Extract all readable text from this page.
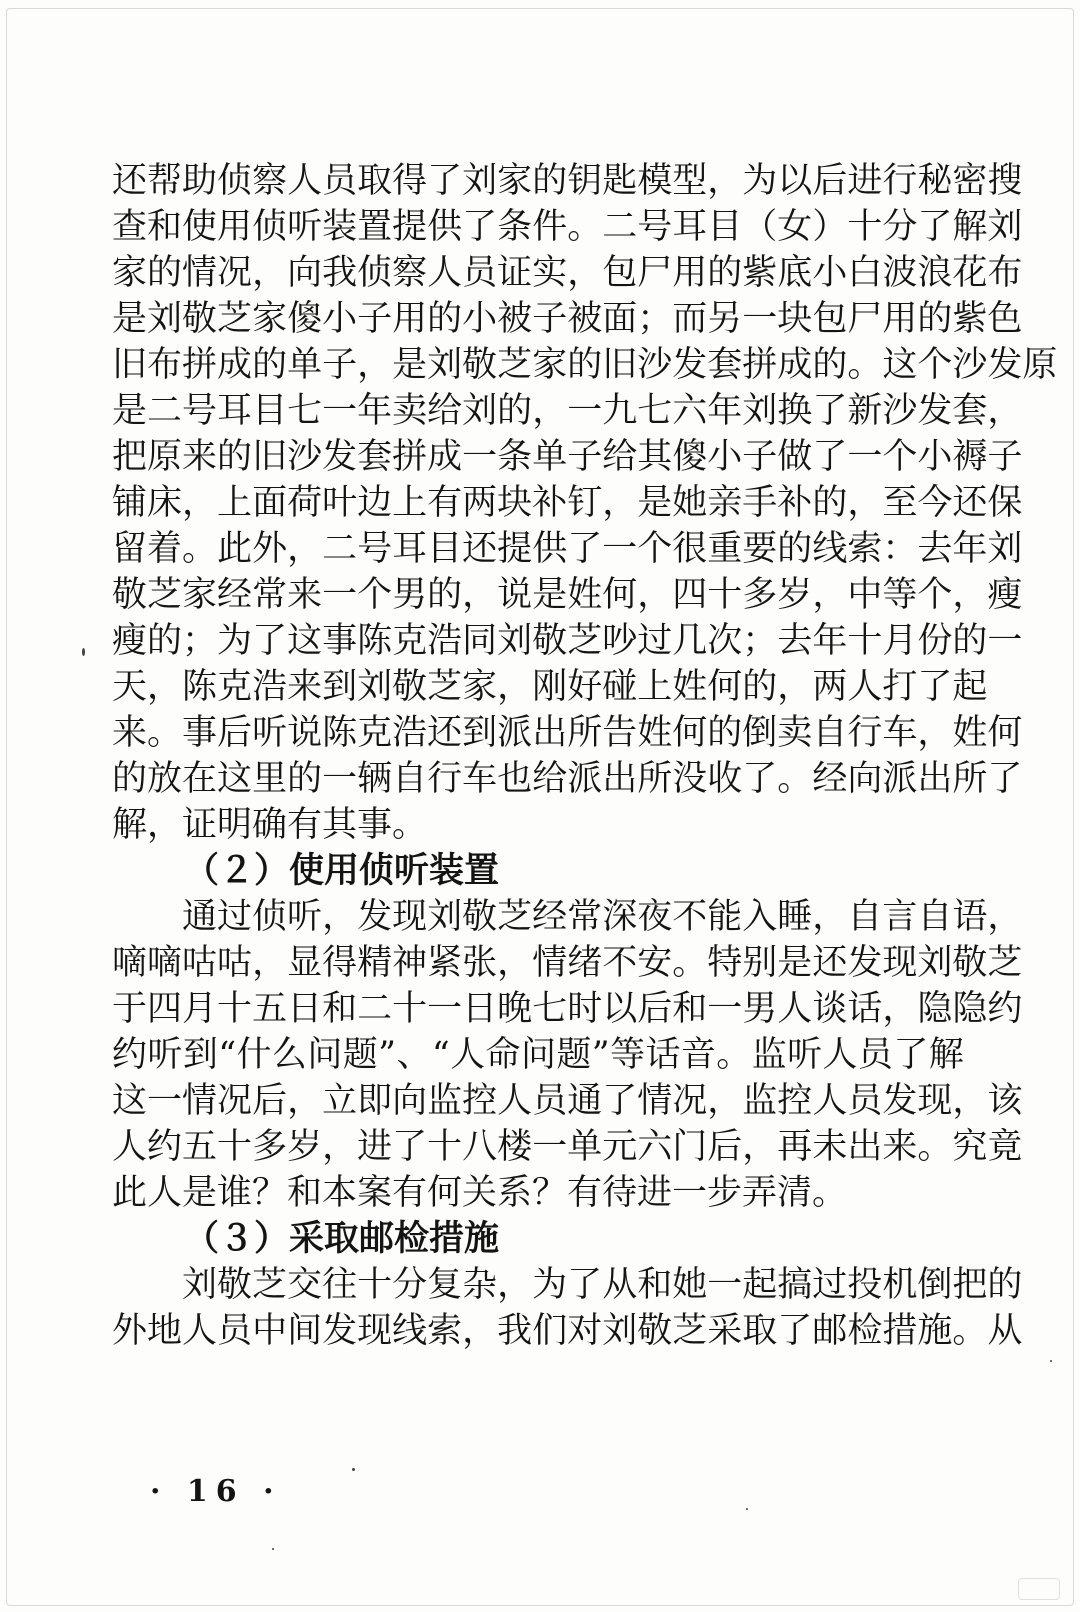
还 帮 助 侦 察 人 员 取 得 了 刘 家 的 钥 匙 模 型 ， 为 以 后 进 行 秘 密 搜
查 和 使 用 侦 听 装 置 提 供 了 条 件 。 二 号 耳 目 （ 女 ） 十 分 了 解 刘
家 的 情 况 ， 向 我 侦 察 人 员 证 实 ， 包 尸 用 的 紫 底 小 白 波 浪 花 布
是 刘 敬 芝 家 傻 小 子 用 的 小 被 子 被 面 ； 而 另 一 块 包 尸 用 的 紫 色
旧 布 拼 成 的 单 子 ， 是 刘 敬 芝 家 的 旧 沙 发 套 拼 成 的 。 这 个 沙 发 原
是 二 号 耳 目 七 一 年 卖 给 刘 的 ， 一 九 七 六 年 刘 换 了 新 沙 发 套 ，
把 原 来 的 旧 沙 发 套 拼 成 一 条 单 子 给 其 傻 小 子 做 了 一 个 小 褥 子
铺 床 ， 上 面 荷 叶 边 上 有 两 块 补 钉 ， 是 她 亲 手 补 的 ， 至 今 还 保
留 着 。 此 外 ， 二 号 耳 目 还 提 供 了 一 个 很 重 要 的 线 索 ： 去 年 刘
敬 芝 家 经 常 来 一 个 男 的 ， 说 是 姓 何 ， 四 十 多 岁 ， 中 等 个 ， 瘦
瘦 的 ； 为 了 这 事 陈 克 浩 同 刘 敬 芝 吵 过 几 次 ； 去 年 十 月 份 的 一
天 ， 陈 克 浩 来 到 刘 敬 芝 家 ， 刚 好 碰 上 姓 何 的 ， 两 人 打 了 起
来 。 事 后 听 说 陈 克 浩 还 到 派 出 所 告 姓 何 的 倒 卖 自 行 车 ， 姓 何
的 放 在 这 里 的 一 辆 自 行 车 也 给 派 出 所 没 收 了 。 经 向 派 出 所 了
解，证明确有其事。
（２）使用侦听装置
通 过 侦 听 ， 发 现 刘 敬 芝 经 常 深 夜 不 能 入 睡 ， 自 言 自 语 ，
嘀 嘀 咕 咕 ， 显 得 精 神 紧 张 ， 情 绪 不 安 。 特 别 是 还 发 现 刘 敬 芝
于 四 月 十 五 日 和 二 十 一 日 晚 七 时 以 后 和 一 男 人 谈 话 ， 隐 隐 约
约 听 到 “ 什 么 问 题 ” 、 “ 人 命 问 题 ” 等 话 音 。 监 听 人 员 了 解
这 一 情 况 后 ， 立 即 向 监 控 人 员 通 了 情 况 ， 监 控 人 员 发 现 ， 该
人 约 五 十 多 岁 ， 进 了 十 八 楼 一 单 元 六 门 后 ， 再 未 出 来 。 究 竟
此人是谁？和本案有何关系？有待进一步弄清。
（３）采取邮检措施
刘 敬 芝 交 往 十 分 复 杂 ， 为 了 从 和 她 一 起 搞 过 投 机 倒 把 的
外 地 人 员 中 间 发 现 线 索 ， 我 们 对 刘 敬 芝 采 取 了 邮 检 措 施 。 从
· 16 ·
